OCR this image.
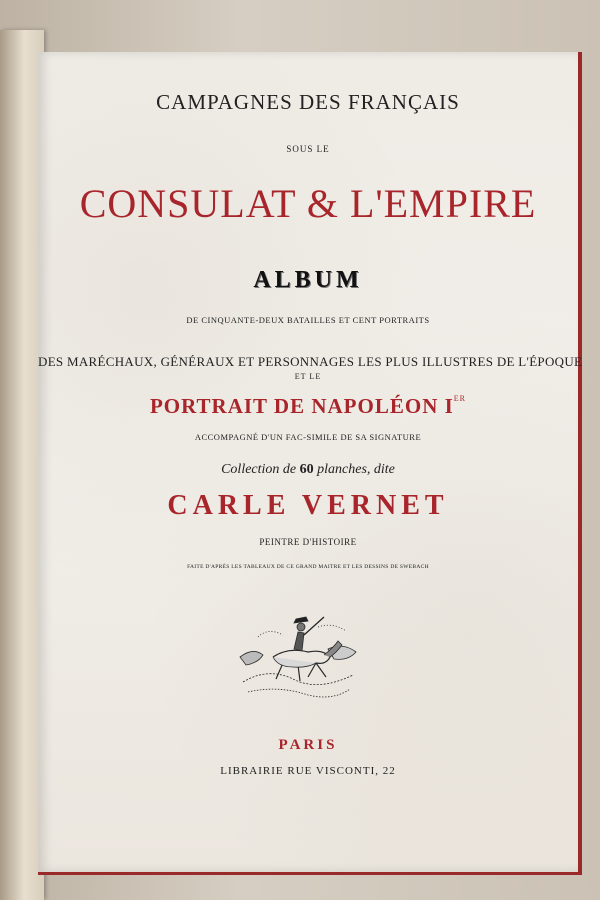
CAMPAGNES DES FRANÇAIS
SOUS LE
CONSULAT & L'EMPIRE
ALBUM
DE CINQUANTE-DEUX BATAILLES ET CENT PORTRAITS
DES MARÉCHAUX, GÉNÉRAUX ET PERSONNAGES LES PLUS ILLUSTRES DE L'ÉPOQUE
ET LE
PORTRAIT DE NAPOLÉON IER
ACCOMPAGNÉ D'UN FAC-SIMILE DE SA SIGNATURE
Collection de 60 planches, dite
CARLE VERNET
PEINTRE D'HISTOIRE
FAITE D'APRÈS LES TABLEAUX DE CE GRAND MAITRE ET LES DESSINS DE SWEBACH
PARIS
LIBRAIRIE RUE VISCONTI, 22
